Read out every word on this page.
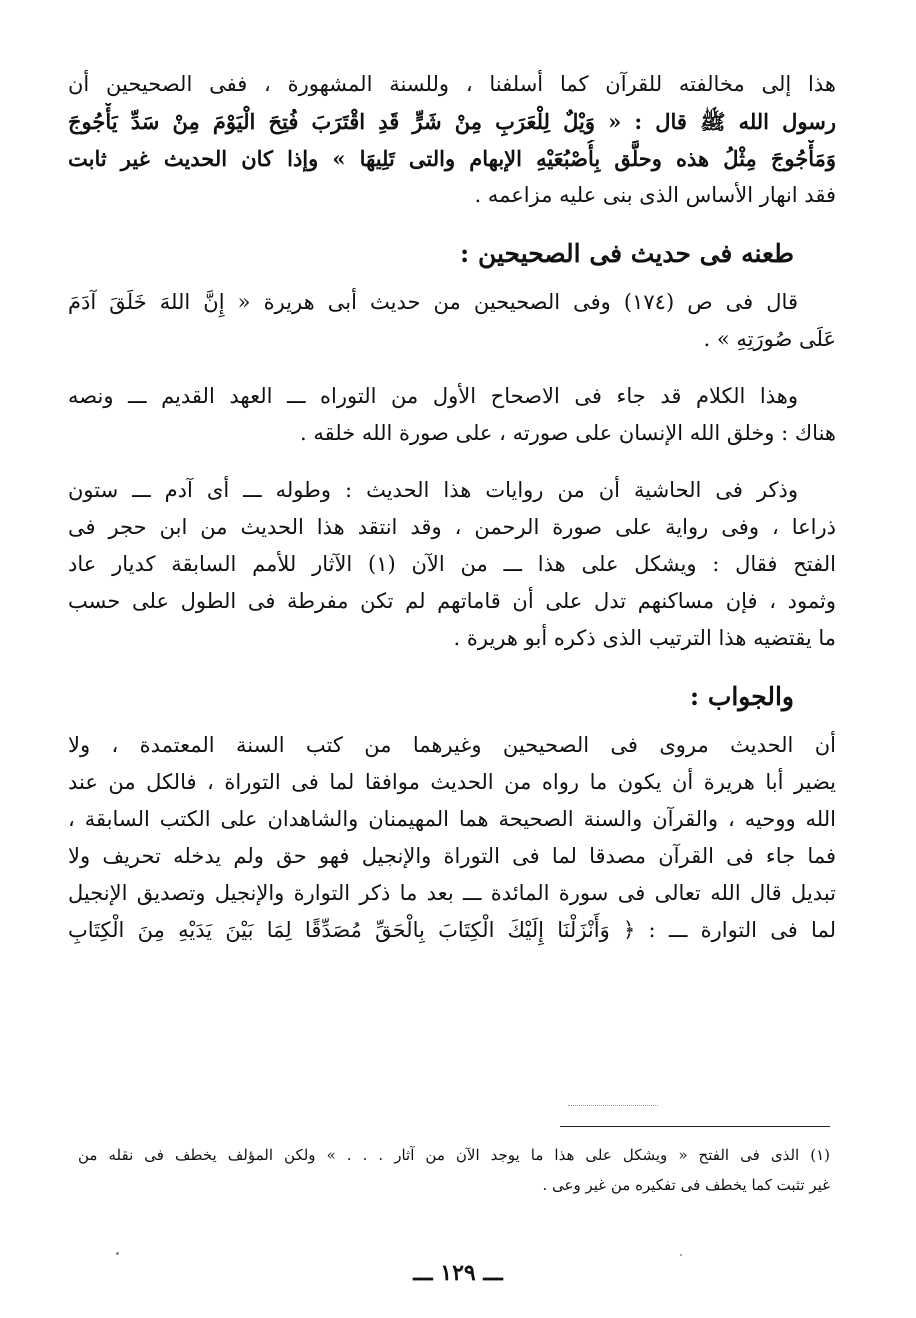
هذا إلى مخالفته للقرآن كما أسلفنا ، وللسنة المشهورة ، ففى الصحيحين أن

رسول الله ﷺ قال : « وَيْلٌ لِلْعَرَبِ مِنْ شَرٍّ قَدِ اقْتَرَبَ فُتِحَ الْيَوْمَ مِنْ سَدِّ يَأْجُوجَ

وَمَأْجُوجَ مِثْلُ هذه وحلَّق بِأُصْبُعَيْهِ الإبهام والتى تَلِيهَا » وإذا كان الحديث غير ثابت

فقد انهار الأساس الذى بنى عليه مزاعمه .

طعنه فى حديث فى الصحيحين :

قال فى ص (١٧٤) وفى الصحيحين من حديث أبى هريرة « إِنَّ اللهَ خَلَقَ آدَمَ

عَلَى صُورَتِهِ » .

وهذا الكلام قد جاء فى الاصحاح الأول من التوراه ـــ العهد القديم ـــ ونصه

هناك : وخلق الله الإنسان على صورته ، على صورة الله خلقه .

وذكر فى الحاشية أن من روايات هذا الحديث : وطوله ـــ أى آدم ـــ ستون

ذراعا ، وفى رواية على صورة الرحمن ، وقد انتقد هذا الحديث من ابن حجر فى

الفتح فقال : ويشكل على هذا ـــ من الآن (١) الآثار للأمم السابقة كديار عاد

وثمود ، فإن مساكنهم تدل على أن قاماتهم لم تكن مفرطة فى الطول على حسب

ما يقتضيه هذا الترتيب الذى ذكره أبو هريرة .

والجواب :

أن الحديث مروى فى الصحيحين وغيرهما من كتب السنة المعتمدة ، ولا

يضير أبا هريرة أن يكون ما رواه من الحديث موافقا لما فى التوراة ، فالكل من عند

الله ووحيه ، والقرآن والسنة الصحيحة هما المهيمنان والشاهدان على الكتب السابقة ،

فما جاء فى القرآن مصدقا لما فى التوراة والإنجيل فهو حق ولم يدخله تحريف ولا

تبديل قال الله تعالى فى سورة المائدة ـــ بعد ما ذكر التوارة والإنجيل وتصديق الإنجيل

لما فى التوارة ـــ : ﴿ وَأَنْزَلْنَا إِلَيْكَ الْكِتَابَ بِالْحَقِّ مُصَدِّقًا لِمَا بَيْنَ يَدَيْهِ مِنَ الْكِتَابِ

(١) الذى فى الفتح « ويشكل على هذا ما يوجد الآن من آثار . . . » ولكن المؤلف يخطف فى نقله من

غير تثبت كما يخطف فى تفكيره من غير وعى .

ـــ ١٢٩ ـــ
